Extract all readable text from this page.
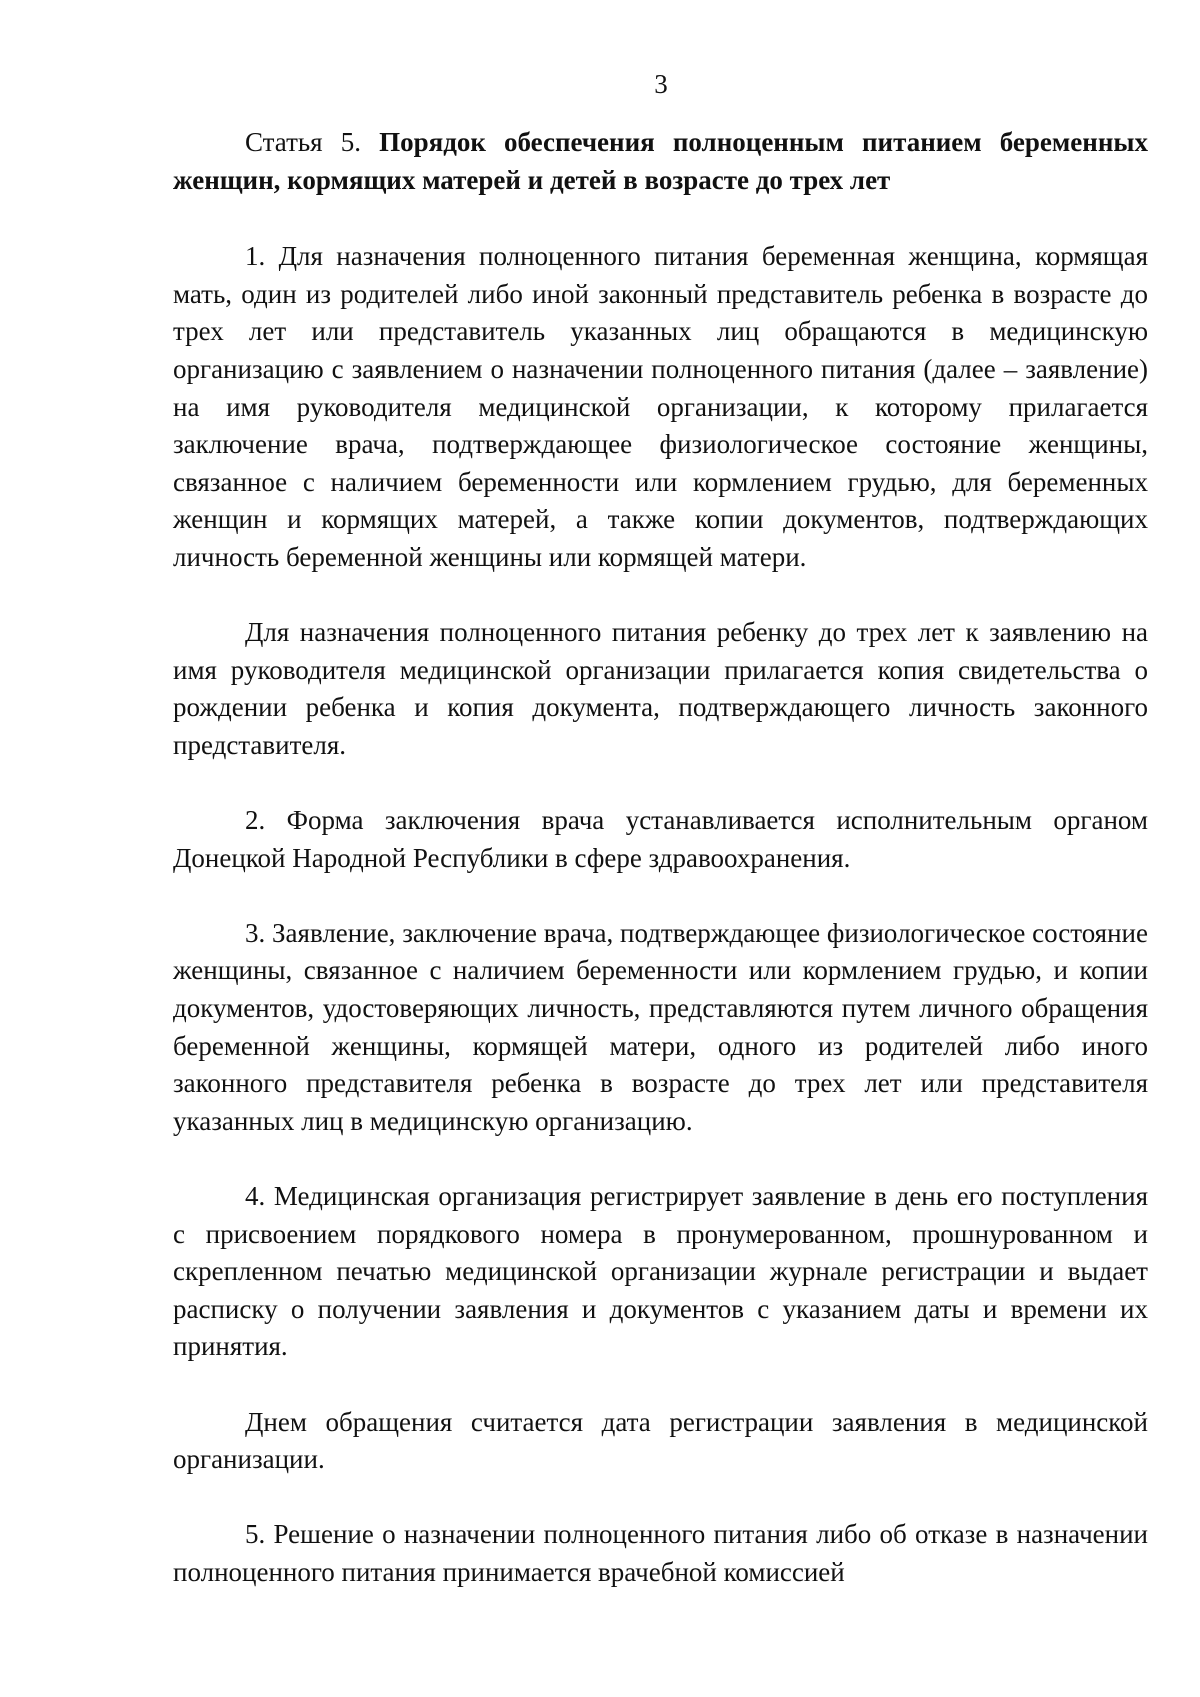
3

Статья 5. Порядок обеспечения полноценным питанием беременных женщин, кормящих матерей и детей в возрасте до трех лет

1. Для назначения полноценного питания беременная женщина, кормящая мать, один из родителей либо иной законный представитель ребенка в возрасте до трех лет или представитель указанных лиц обращаются в медицинскую организацию с заявлением о назначении полноценного питания (далее – заявление) на имя руководителя медицинской организации, к которому прилагается заключение врача, подтверждающее физиологическое состояние женщины, связанное с наличием беременности или кормлением грудью, для беременных женщин и кормящих матерей, а также копии документов, подтверждающих личность беременной женщины или кормящей матери.

Для назначения полноценного питания ребенку до трех лет к заявлению на имя руководителя медицинской организации прилагается копия свидетельства о рождении ребенка и копия документа, подтверждающего личность законного представителя.

2. Форма заключения врача устанавливается исполнительным органом Донецкой Народной Республики в сфере здравоохранения.

3. Заявление, заключение врача, подтверждающее физиологическое состояние женщины, связанное с наличием беременности или кормлением грудью, и копии документов, удостоверяющих личность, представляются путем личного обращения беременной женщины, кормящей матери, одного из родителей либо иного законного представителя ребенка в возрасте до трех лет или представителя указанных лиц в медицинскую организацию.

4. Медицинская организация регистрирует заявление в день его поступления с присвоением порядкового номера в пронумерованном, прошнурованном и скрепленном печатью медицинской организации журнале регистрации и выдает расписку о получении заявления и документов с указанием даты и времени их принятия.

Днем обращения считается дата регистрации заявления в медицинской организации.

5. Решение о назначении полноценного питания либо об отказе в назначении полноценного питания принимается врачебной комиссией
